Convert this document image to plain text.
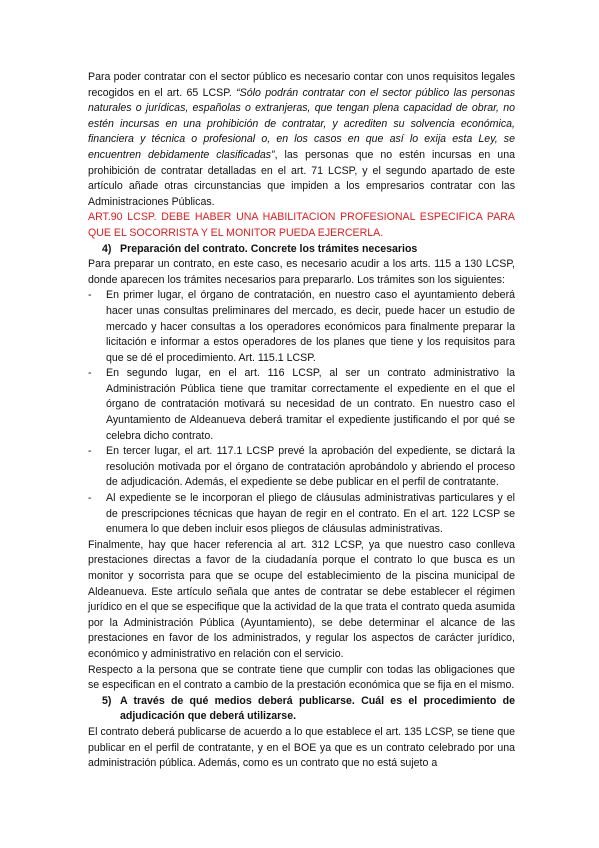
Para poder contratar con el sector público es necesario contar con unos requisitos legales recogidos en el art. 65 LCSP. “Sólo podrán contratar con el sector público las personas naturales o jurídicas, españolas o extranjeras, que tengan plena capacidad de obrar, no estén incursas en una prohibición de contratar, y acrediten su solvencia económica, financiera y técnica o profesional o, en los casos en que así lo exija esta Ley, se encuentren debidamente clasificadas”, las personas que no estén incursas en una prohibición de contratar detalladas en el art. 71 LCSP, y el segundo apartado de este artículo añade otras circunstancias que impiden a los empresarios contratar con las Administraciones Públicas.

ART.90 LCSP. DEBE HABER UNA HABILITACION PROFESIONAL ESPECIFICA PARA QUE EL SOCORRISTA Y EL MONITOR PUEDA EJERCERLA.

4) Preparación del contrato. Concrete los trámites necesarios

Para preparar un contrato, en este caso, es necesario acudir a los arts. 115 a 130 LCSP, donde aparecen los trámites necesarios para prepararlo. Los trámites son los siguientes:

- En primer lugar, el órgano de contratación, en nuestro caso el ayuntamiento deberá hacer unas consultas preliminares del mercado, es decir, puede hacer un estudio de mercado y hacer consultas a los operadores económicos para finalmente preparar la licitación e informar a estos operadores de los planes que tiene y los requisitos para que se dé el procedimiento. Art. 115.1 LCSP.
- En segundo lugar, en el art. 116 LCSP, al ser un contrato administrativo la Administración Pública tiene que tramitar correctamente el expediente en el que el órgano de contratación motivará su necesidad de un contrato. En nuestro caso el Ayuntamiento de Aldeanueva deberá tramitar el expediente justificando el por qué se celebra dicho contrato.
- En tercer lugar, el art. 117.1 LCSP prevé la aprobación del expediente, se dictará la resolución motivada por el órgano de contratación aprobándolo y abriendo el proceso de adjudicación. Además, el expediente se debe publicar en el perfil de contratante.
- Al expediente se le incorporan el pliego de cláusulas administrativas particulares y el de prescripciones técnicas que hayan de regir en el contrato. En el art. 122 LCSP se enumera lo que deben incluir esos pliegos de cláusulas administrativas.

Finalmente, hay que hacer referencia al art. 312 LCSP, ya que nuestro caso conlleva prestaciones directas a favor de la ciudadanía porque el contrato lo que busca es un monitor y socorrista para que se ocupe del establecimiento de la piscina municipal de Aldeanueva. Este artículo señala que antes de contratar se debe establecer el régimen jurídico en el que se especifique que la actividad de la que trata el contrato queda asumida por la Administración Pública (Ayuntamiento), se debe determinar el alcance de las prestaciones en favor de los administrados, y regular los aspectos de carácter jurídico, económico y administrativo en relación con el servicio.

Respecto a la persona que se contrate tiene que cumplir con todas las obligaciones que se especifican en el contrato a cambio de la prestación económica que se fija en el mismo.

5) A través de qué medios deberá publicarse. Cuál es el procedimiento de adjudicación que deberá utilizarse.

El contrato deberá publicarse de acuerdo a lo que establece el art. 135 LCSP, se tiene que publicar en el perfil de contratante, y en el BOE ya que es un contrato celebrado por una administración pública. Además, como es un contrato que no está sujeto a
